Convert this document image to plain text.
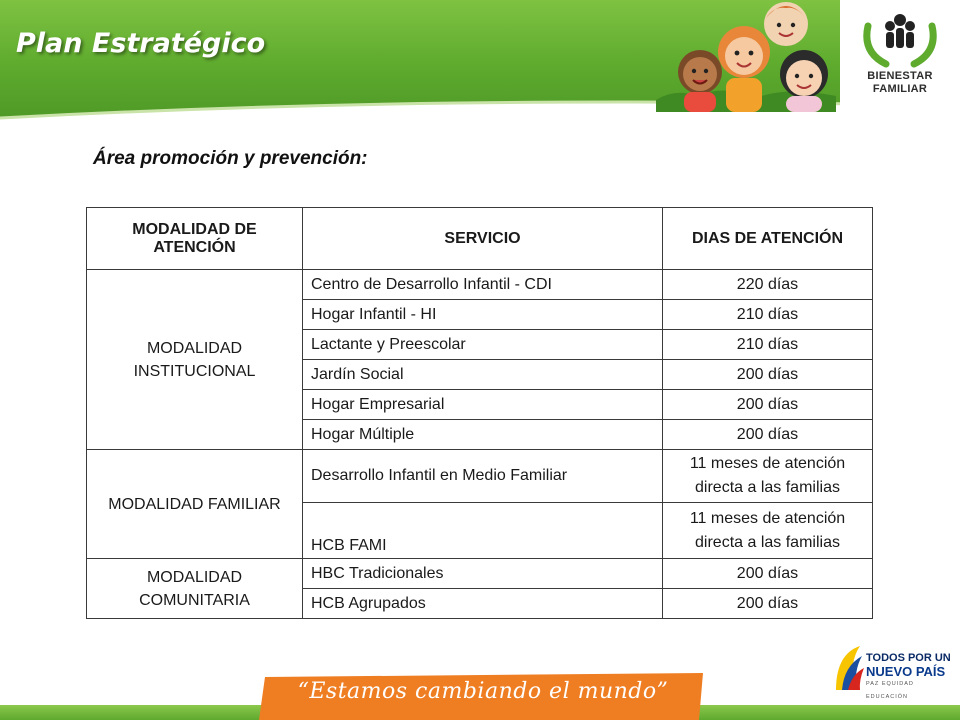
Plan Estratégico
BIENESTAR
FAMILIAR

Área promoción y prevención:

MODALIDAD DE ATENCIÓN	SERVICIO	DIAS DE ATENCIÓN
MODALIDAD INSTITUCIONAL	Centro de Desarrollo Infantil - CDI	220 días
	Hogar Infantil - HI	210 días
	Lactante y Preescolar	210 días
	Jardín Social	200 días
	Hogar Empresarial	200 días
	Hogar Múltiple	200 días
MODALIDAD FAMILIAR	Desarrollo Infantil en Medio Familiar	11 meses de atención directa a las familias
	HCB FAMI	11 meses de atención directa a las familias
MODALIDAD COMUNITARIA	HBC Tradicionales	200 días
	HCB Agrupados	200 días
“Estamos cambiando el mundo”
TODOS POR UN
NUEVO PAÍS
PAZ EQUIDAD EDUCACIÓN
